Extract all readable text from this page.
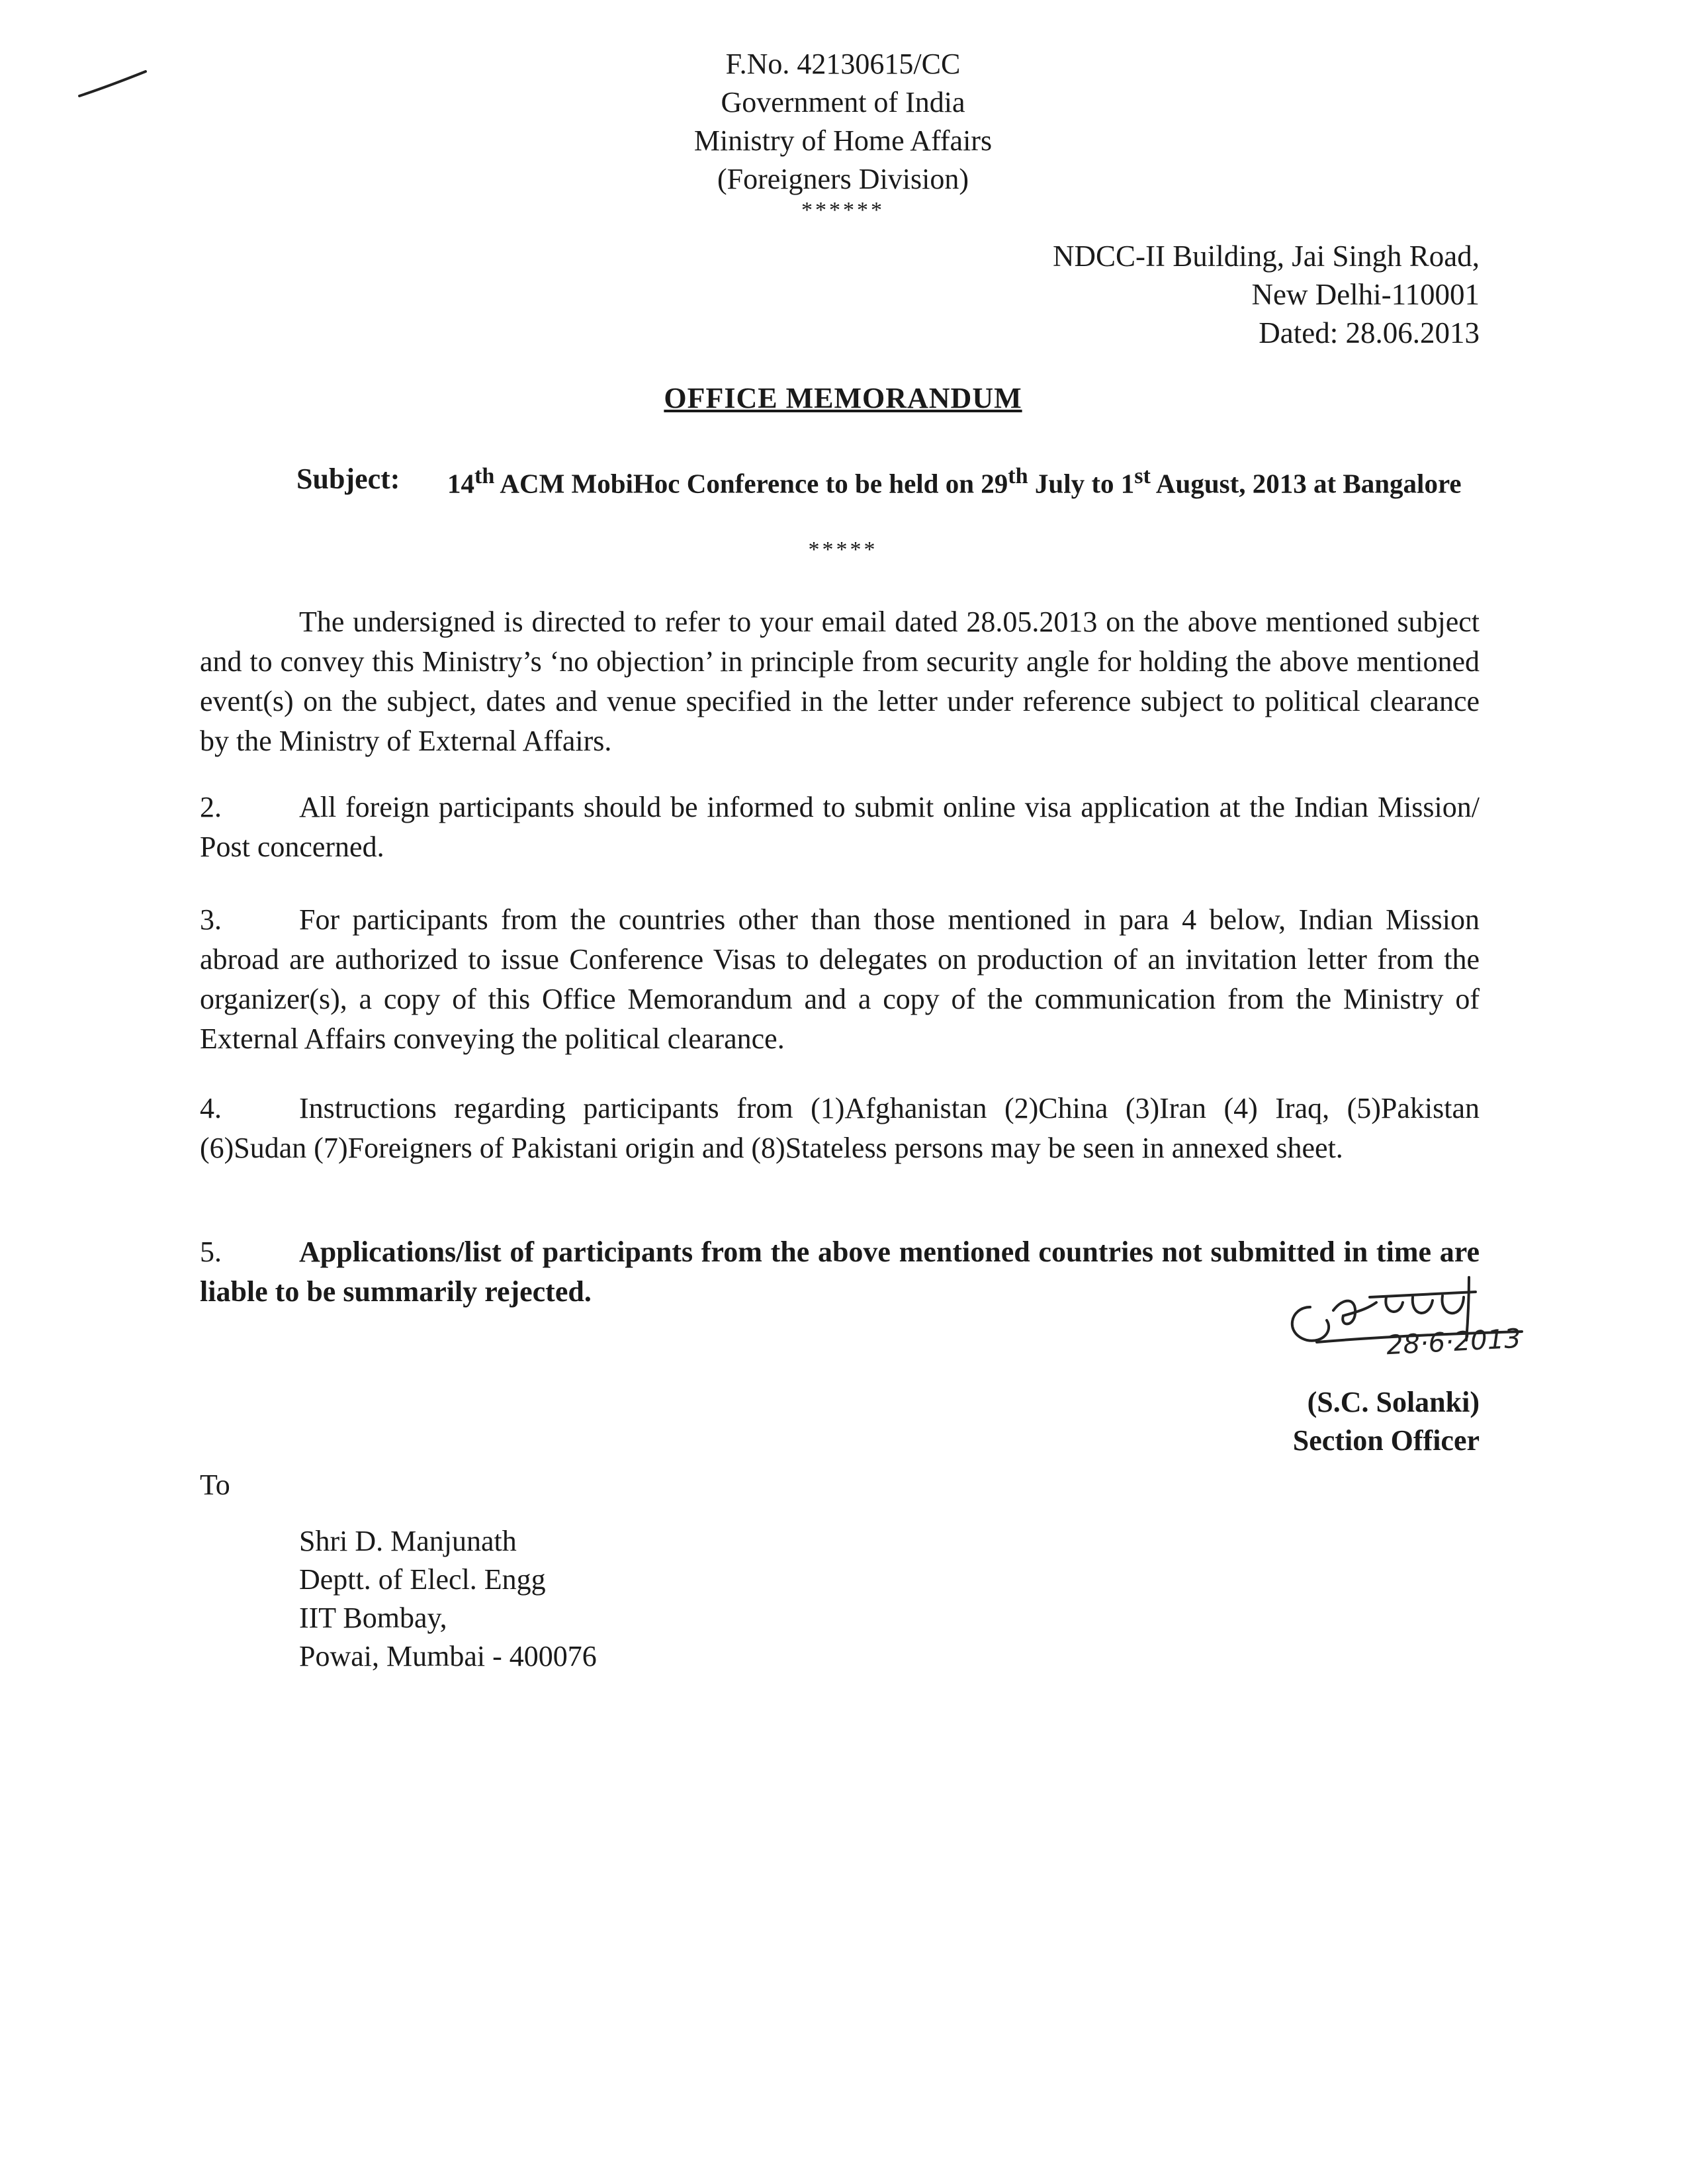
F.No. 42130615/CC
Government of India
Ministry of Home Affairs
(Foreigners Division)
******
NDCC-II Building, Jai Singh Road,
New Delhi-110001
Dated: 28.06.2013
OFFICE MEMORANDUM
Subject: 14th ACM MobiHoc Conference to be held on 29th July to 1st August, 2013 at Bangalore
*****
The undersigned is directed to refer to your email dated 28.05.2013 on the above mentioned subject and to convey this Ministry’s ‘no objection’ in principle from security angle for holding the above mentioned event(s) on the subject, dates and venue specified in the letter under reference subject to political clearance by the Ministry of External Affairs.
2.	All foreign participants should be informed to submit online visa application at the Indian Mission/ Post concerned.
3.	For participants from the countries other than those mentioned in para 4 below, Indian Mission abroad are authorized to issue Conference Visas to delegates on production of an invitation letter from the organizer(s), a copy of this Office Memorandum and a copy of the communication from the Ministry of External Affairs conveying the political clearance.
4.	Instructions regarding participants from (1)Afghanistan (2)China (3)Iran (4) Iraq, (5)Pakistan (6)Sudan (7)Foreigners of Pakistani origin and (8)Stateless persons may be seen in annexed sheet.
5.	Applications/list of participants from the above mentioned countries not submitted in time are liable to be summarily rejected.
28·6·2013
(S.C. Solanki)
Section Officer
To
Shri D. Manjunath
Deptt. of Elecl. Engg
IIT Bombay,
Powai, Mumbai - 400076
